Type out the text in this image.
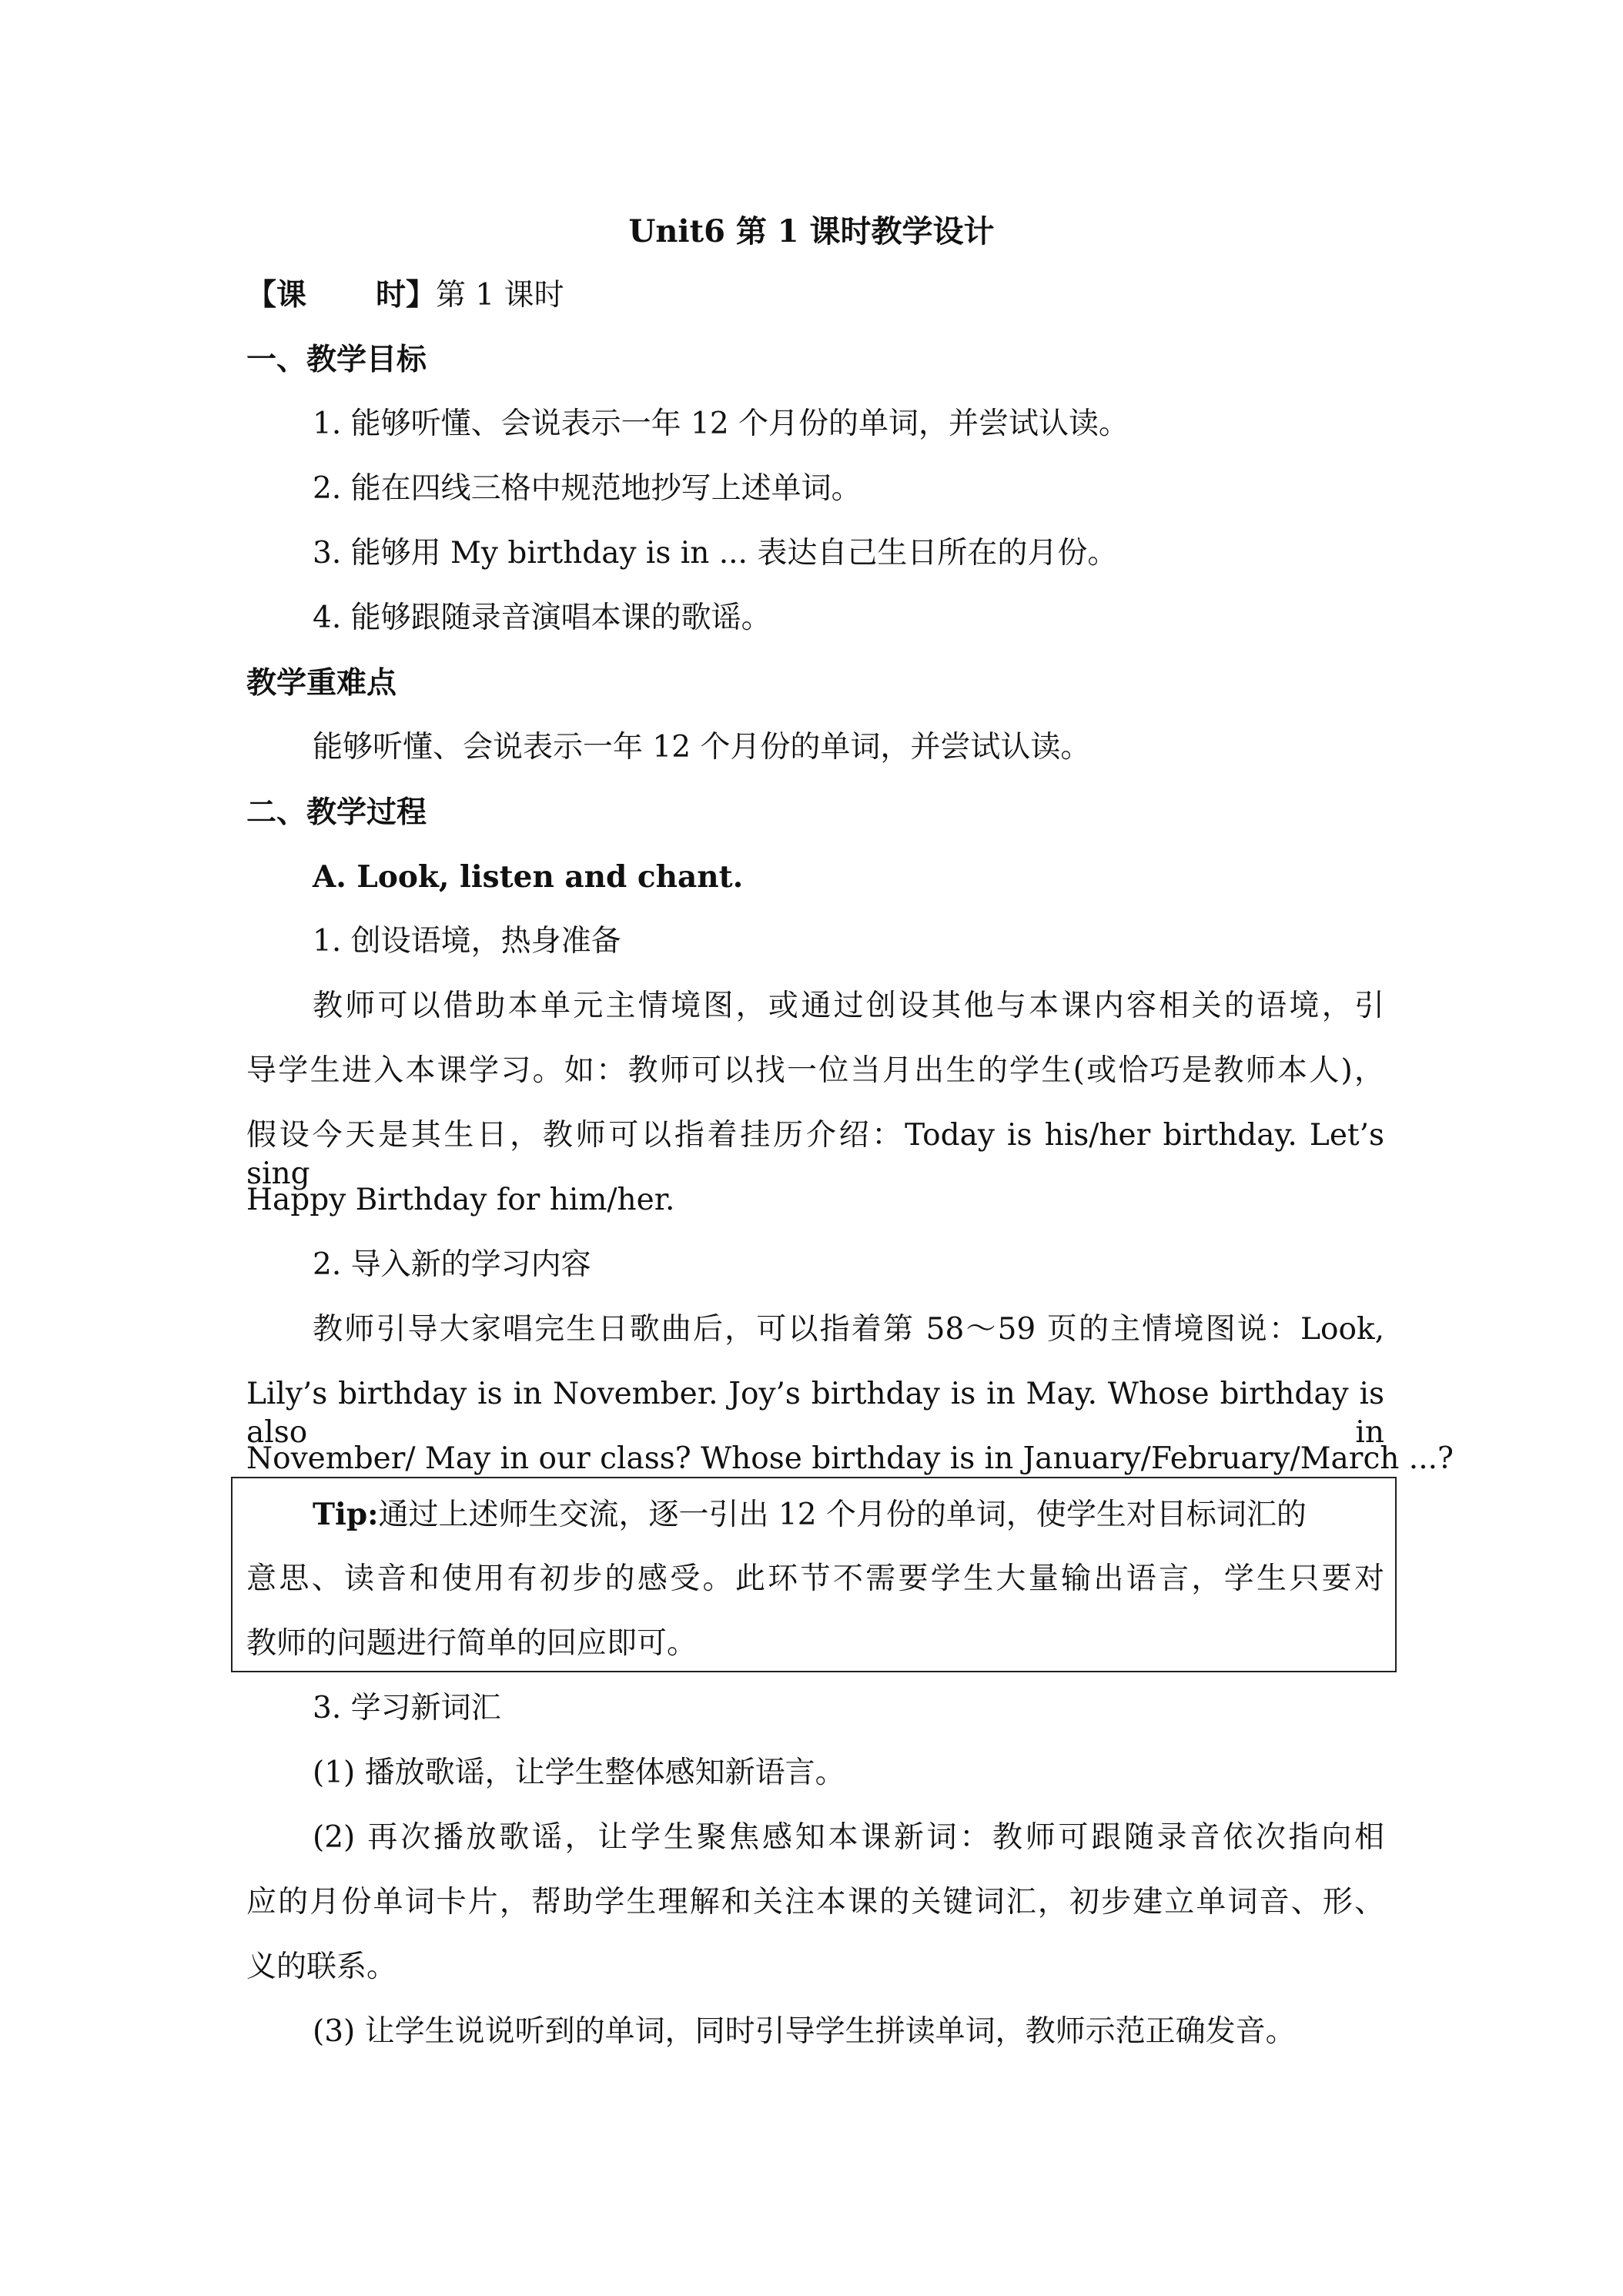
Unit6 第 1 课时教学设计
【课 时】第 1 课时
一、教学目标
1. 能够听懂、会说表示一年 12 个月份的单词，并尝试认读。
2. 能在四线三格中规范地抄写上述单词。
3. 能够用 My birthday is in ... 表达自己生日所在的月份。
4. 能够跟随录音演唱本课的歌谣。
教学重难点
能够听懂、会说表示一年 12 个月份的单词，并尝试认读。
二、教学过程
A. Look, listen and chant.
1. 创设语境，热身准备
教师可以借助本单元主情境图，或通过创设其他与本课内容相关的语境，引
导学生进入本课学习。如：教师可以找一位当月出生的学生(或恰巧是教师本人)，
假设今天是其生日，教师可以指着挂历介绍：Today is his/her birthday. Let’s sing
Happy Birthday for him/her.
2. 导入新的学习内容
教师引导大家唱完生日歌曲后，可以指着第 58～59 页的主情境图说：Look,
Lily’s birthday is in November. Joy’s birthday is in May. Whose birthday is also in
November/ May in our class? Whose birthday is in January/February/March ...?
Tip:通过上述师生交流，逐一引出 12 个月份的单词，使学生对目标词汇的
意思、读音和使用有初步的感受。此环节不需要学生大量输出语言，学生只要对
教师的问题进行简单的回应即可。
3. 学习新词汇
(1) 播放歌谣，让学生整体感知新语言。
(2) 再次播放歌谣，让学生聚焦感知本课新词：教师可跟随录音依次指向相
应的月份单词卡片，帮助学生理解和关注本课的关键词汇，初步建立单词音、形、
义的联系。
(3) 让学生说说听到的单词，同时引导学生拼读单词，教师示范正确发音。
